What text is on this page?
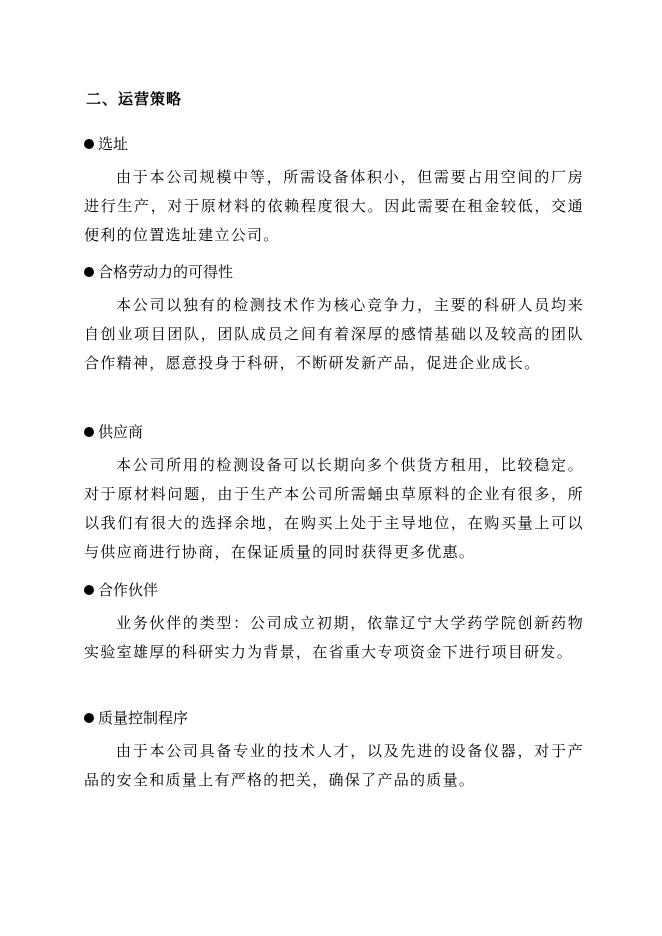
二、运营策略
选址

由于本公司规模中等，所需设备体积小，但需要占用空间的厂房进行生产，对于原材料的依赖程度很大。因此需要在租金较低，交通便利的位置选址建立公司。

合格劳动力的可得性

本公司以独有的检测技术作为核心竞争力，主要的科研人员均来自创业项目团队，团队成员之间有着深厚的感情基础以及较高的团队合作精神，愿意投身于科研，不断研发新产品，促进企业成长。

供应商

本公司所用的检测设备可以长期向多个供货方租用，比较稳定。对于原材料问题，由于生产本公司所需蛹虫草原料的企业有很多，所以我们有很大的选择余地，在购买上处于主导地位，在购买量上可以与供应商进行协商，在保证质量的同时获得更多优惠。

合作伙伴

业务伙伴的类型：公司成立初期，依靠辽宁大学药学院创新药物实验室雄厚的科研实力为背景，在省重大专项资金下进行项目研发。

质量控制程序

由于本公司具备专业的技术人才，以及先进的设备仪器，对于产品的安全和质量上有严格的把关，确保了产品的质量。
